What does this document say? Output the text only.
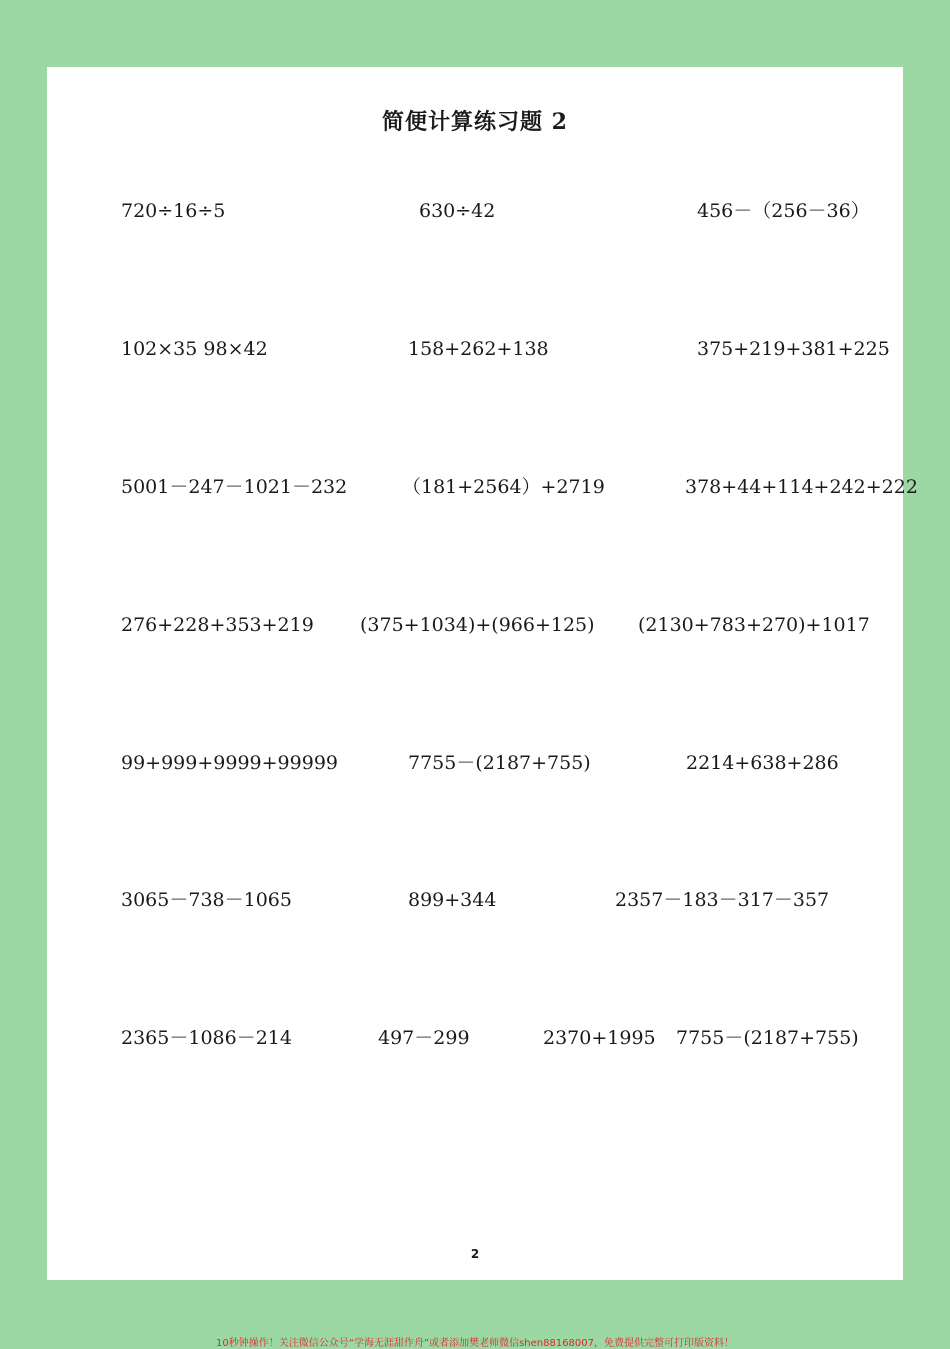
简便计算练习题 2
720÷16÷5	630÷42	456－（256－36）
102×35 98×42	158+262+138	375+219+381+225
5001－247－1021－232	（181+2564）+2719	378+44+114+242+222
276+228+353+219 (375+1034)+(966+125) (2130+783+270)+1017
99+999+9999+99999	7755－(2187+755)	2214+638+286
3065－738－1065	899+344	2357－183－317－357
2365－1086－214	497－299	2370+1995 7755－(2187+755)
2
10秒钟操作！关注微信公众号“学海无涯甜作舟”或者添加樊老师微信shen88168007，免费提供完整可打印版资料！
